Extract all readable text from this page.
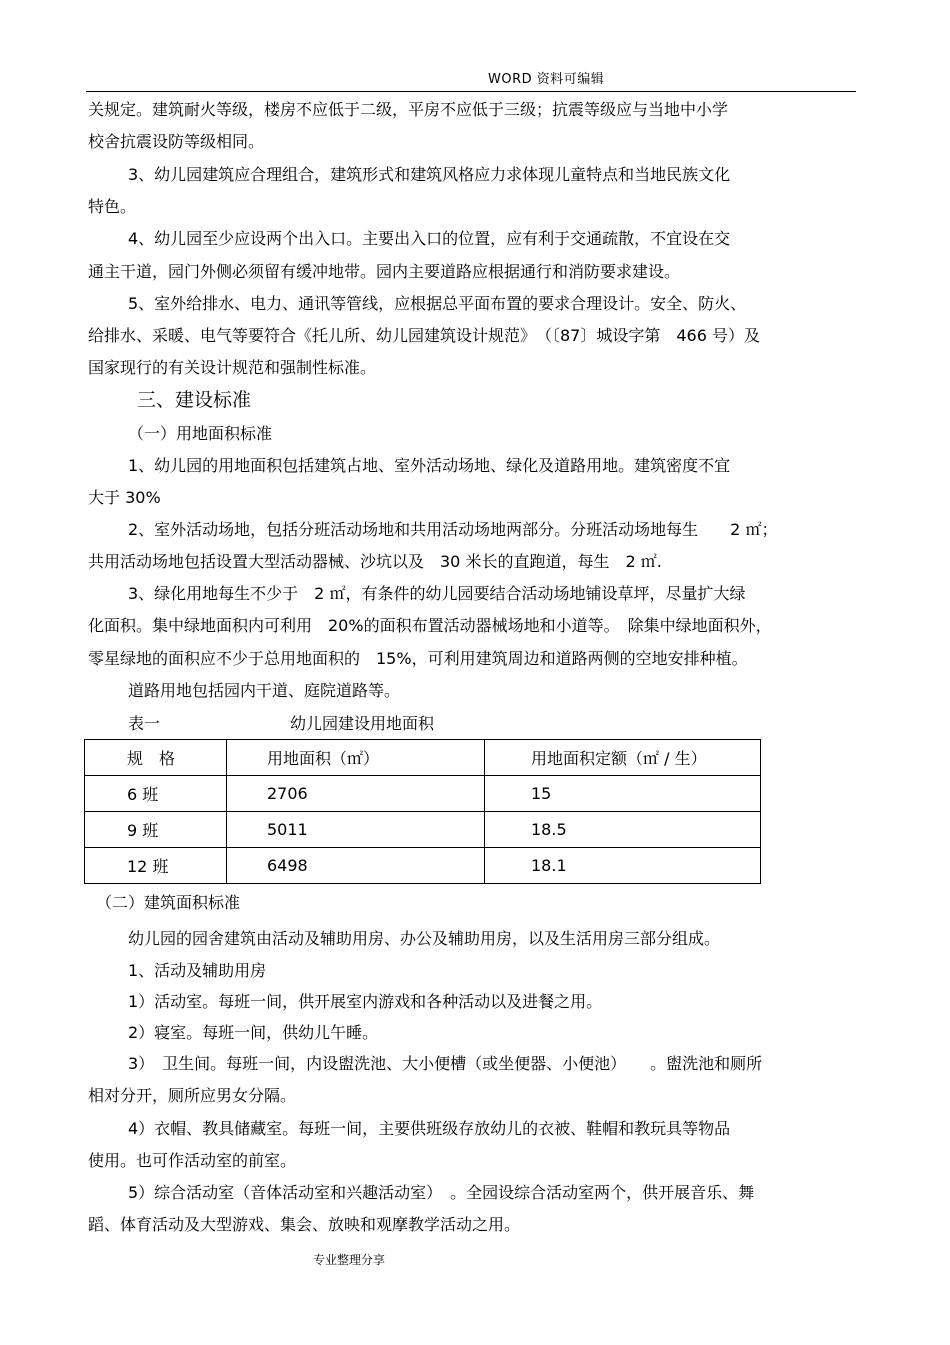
WORD 资料可编辑
关规定。建筑耐火等级，楼房不应低于二级，平房不应低于三级；抗震等级应与当地中小学
校舍抗震设防等级相同。
3、幼儿园建筑应合理组合，建筑形式和建筑风格应力求体现儿童特点和当地民族文化
特色。
4、幼儿园至少应设两个出入口。主要出入口的位置，应有利于交通疏散，不宜设在交
通主干道，园门外侧必须留有缓冲地带。园内主要道路应根据通行和消防要求建设。
5、室外给排水、电力、通讯等管线，应根据总平面布置的要求合理设计。安全、防火、
给排水、采暖、电气等要符合《托儿所、幼儿园建筑设计规范》　（〔87〕城设字第　466 号）及
国家现行的有关设计规范和强制性标准。
三、建设标准
（一）用地面积标准
1、幼儿园的用地面积包括建筑占地、室外活动场地、绿化及道路用地。建筑密度不宜
大于 30%
2、室外活动场地，包括分班活动场地和共用活动场地两部分。分班活动场地每生　　2 ㎡；
共用活动场地包括设置大型活动器械、沙坑以及　30 米长的直跑道，每生　2 ㎡.
3、绿化用地每生不少于　2 ㎡，有条件的幼儿园要结合活动场地铺设草坪，尽量扩大绿
化面积。集中绿地面积内可利用　20%的面积布置活动器械场地和小道等。　除集中绿地面积外，
零星绿地的面积应不少于总用地面积的　15%，可利用建筑周边和道路两侧的空地安排种植。
道路用地包括园内干道、庭院道路等。
表一	幼儿园建设用地面积
规　格	用地面积（㎡）	用地面积定额（㎡ / 生）
6 班	2706	15
9 班	5011	18.5
12 班	6498	18.1
（二）建筑面积标准
幼儿园的园舍建筑由活动及辅助用房、办公及辅助用房，以及生活用房三部分组成。
1、活动及辅助用房
1）活动室。每班一间，供开展室内游戏和各种活动以及进餐之用。
2）寝室。每班一间，供幼儿午睡。
3）　卫生间。每班一间，内设盥洗池、大小便槽（或坐便器、小便池）　　。盥洗池和厕所
相对分开，厕所应男女分隔。
4）衣帽、教具储藏室。每班一间，主要供班级存放幼儿的衣被、鞋帽和教玩具等物品
使用。也可作活动室的前室。
5）综合活动室（音体活动室和兴趣活动室）　。全园设综合活动室两个，供开展音乐、舞
蹈、体育活动及大型游戏、集会、放映和观摩教学活动之用。
专业整理分享
